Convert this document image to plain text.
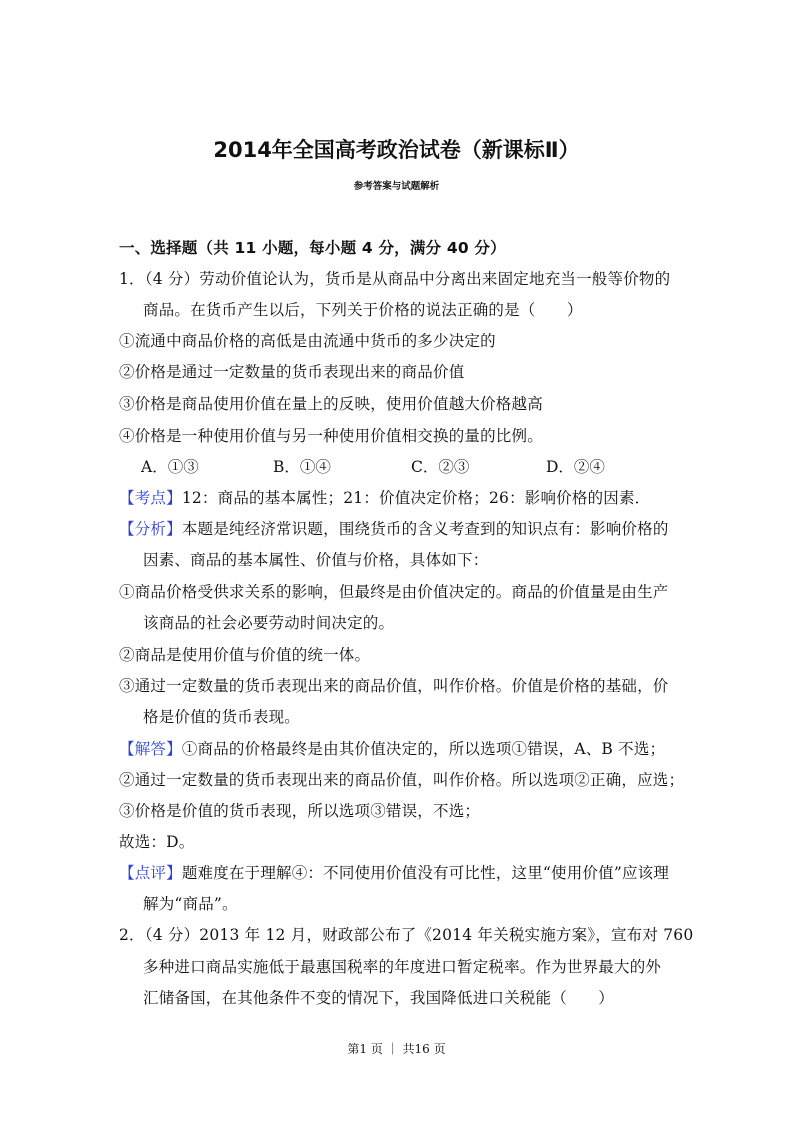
2014年全国高考政治试卷（新课标Ⅱ）
参考答案与试题解析
一、选择题（共 11 小题，每小题 4 分，满分 40 分）
1．（4 分）劳动价值论认为，货币是从商品中分离出来固定地充当一般等价物的
商品。在货币产生以后，下列关于价格的说法正确的是（　　）
①流通中商品价格的高低是由流通中货币的多少决定的
②价格是通过一定数量的货币表现出来的商品价值
③价格是商品使用价值在量上的反映，使用价值越大价格越高
④价格是一种使用价值与另一种使用价值相交换的量的比例。
A．①③	B．①④	C．②③	D．②④
【考点】12：商品的基本属性；21：价值决定价格；26：影响价格的因素．
【分析】本题是纯经济常识题，围绕货币的含义考查到的知识点有：影响价格的
因素、商品的基本属性、价值与价格，具体如下：
①商品价格受供求关系的影响，但最终是由价值决定的。商品的价值量是由生产
该商品的社会必要劳动时间决定的。
②商品是使用价值与价值的统一体。
③通过一定数量的货币表现出来的商品价值，叫作价格。价值是价格的基础，价
格是价值的货币表现。
【解答】①商品的价格最终是由其价值决定的，所以选项①错误，A、B 不选；
②通过一定数量的货币表现出来的商品价值，叫作价格。所以选项②正确，应选；
③价格是价值的货币表现，所以选项③错误，不选；
故选：D。
【点评】题难度在于理解④：不同使用价值没有可比性，这里“使用价值”应该理
解为“商品”。
2．（4 分）2013 年 12 月，财政部公布了《2014 年关税实施方案》，宣布对 760
多种进口商品实施低于最惠国税率的年度进口暂定税率。作为世界最大的外
汇储备国，在其他条件不变的情况下，我国降低进口关税能（　　）
第1 页 ｜ 共16 页
